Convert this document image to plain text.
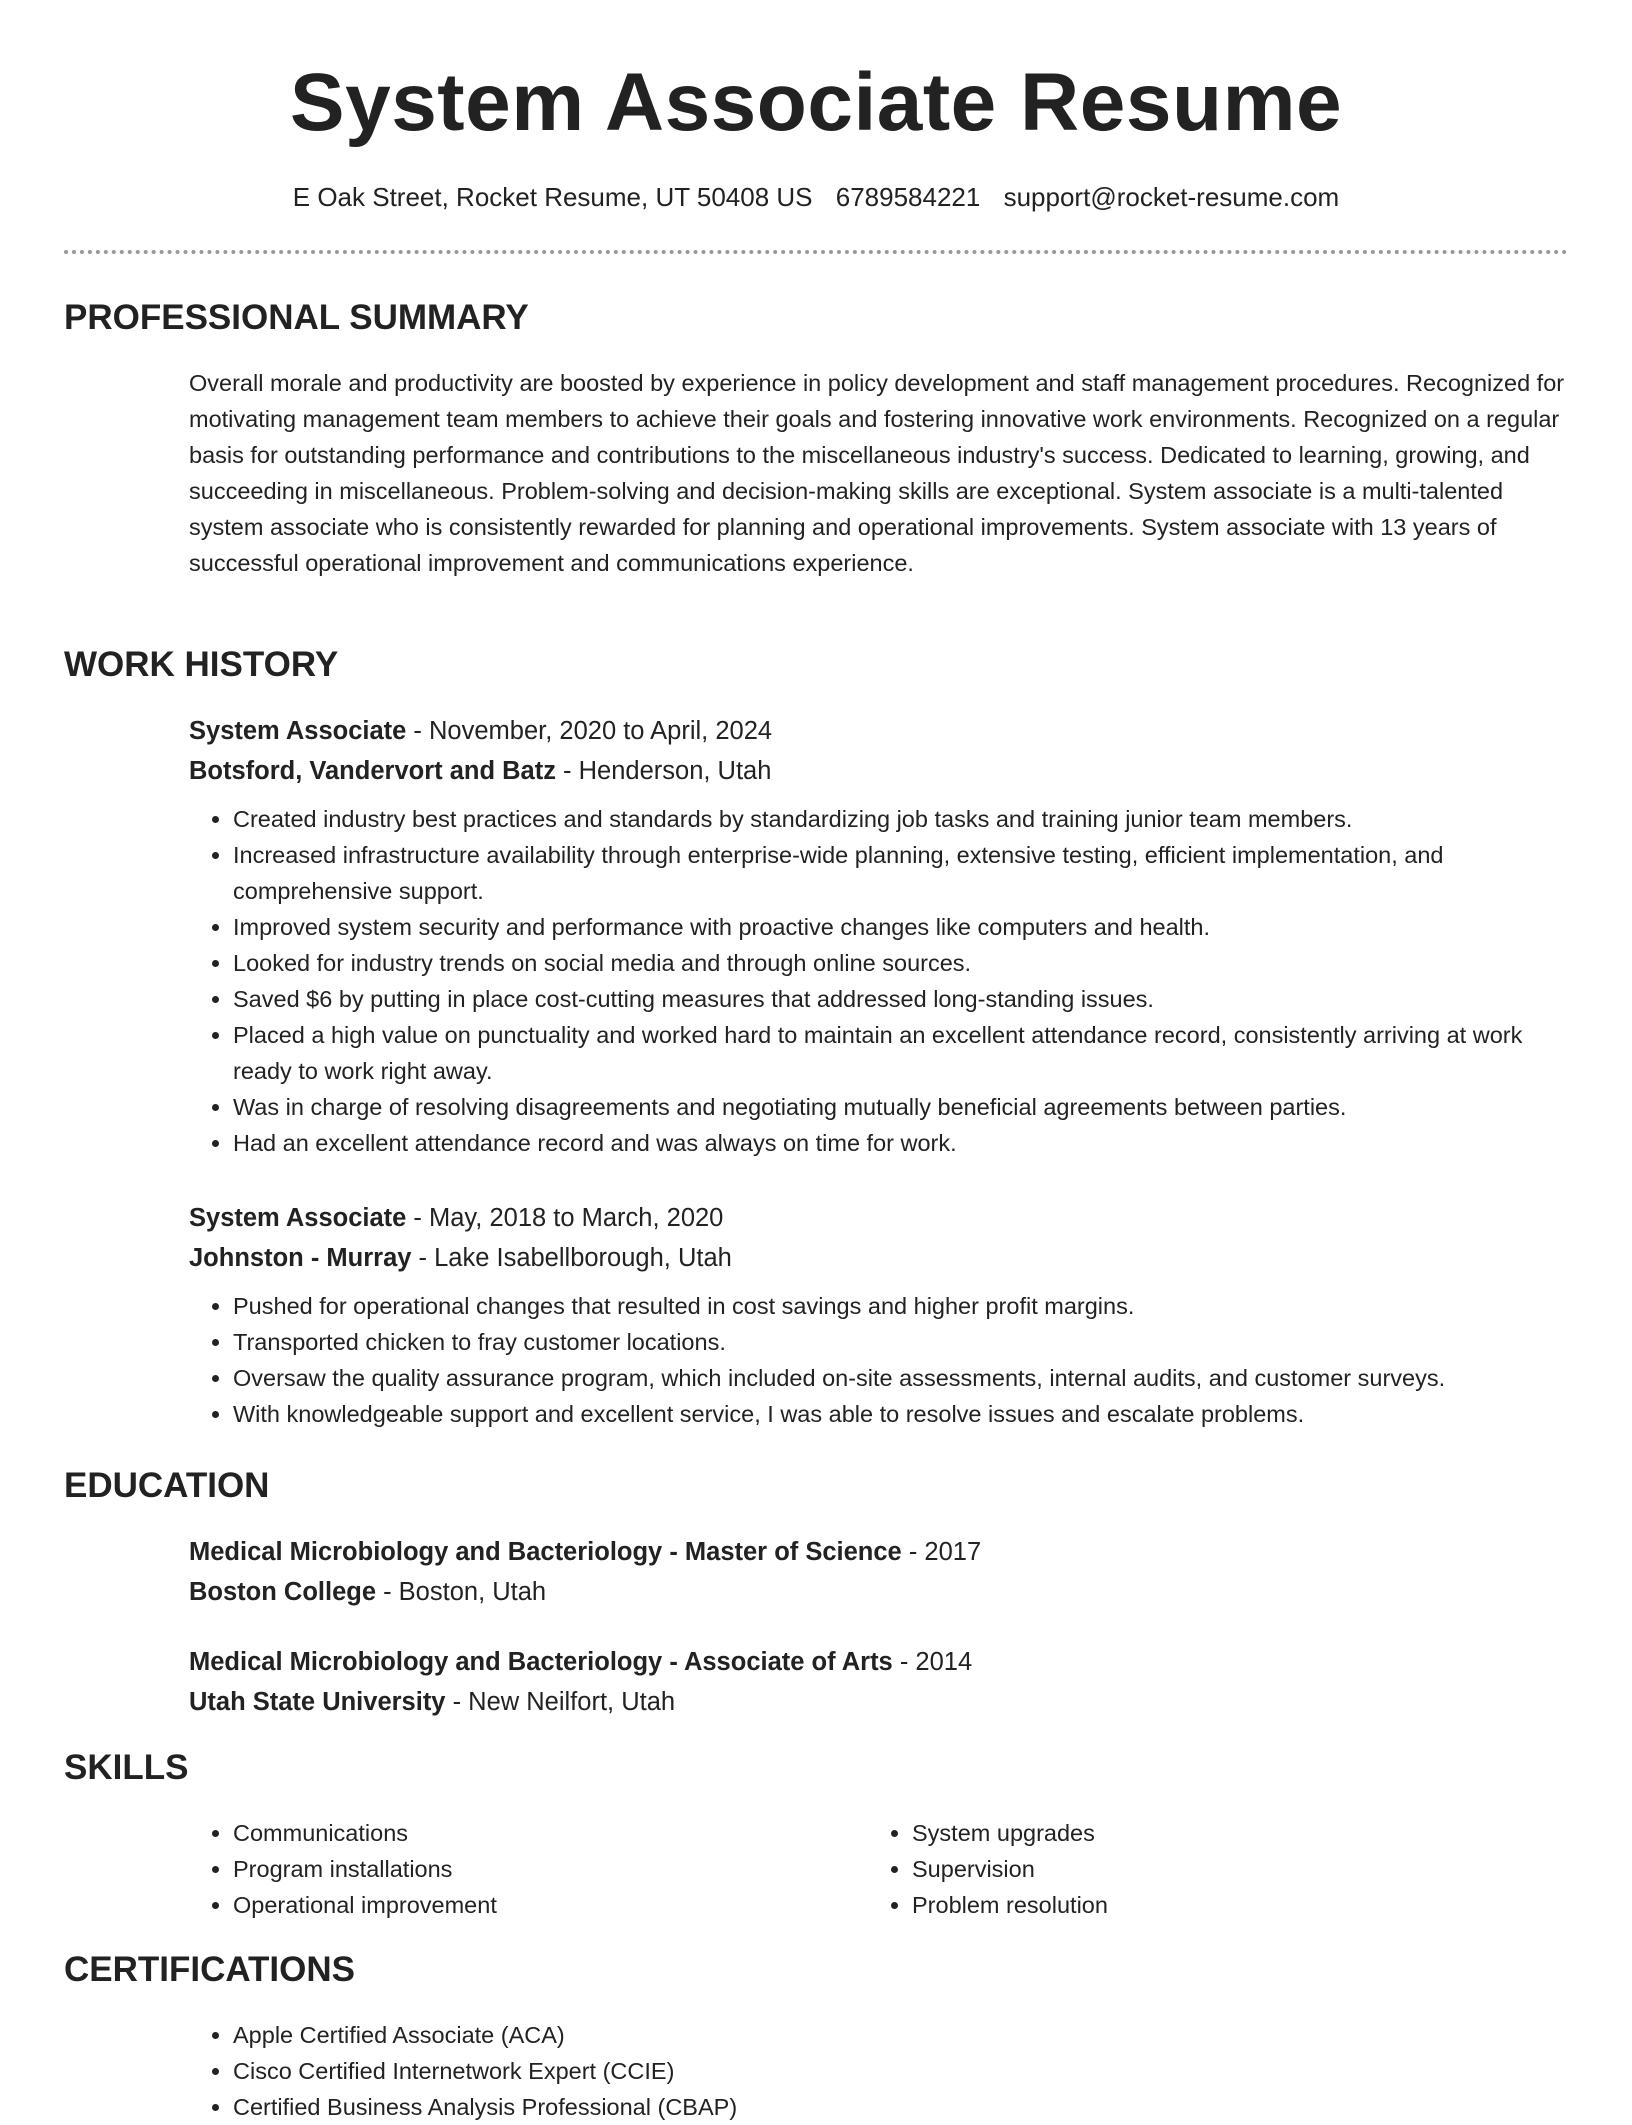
System Associate Resume
E Oak Street, Rocket Resume, UT 50408 US 6789584221 support@rocket-resume.com
PROFESSIONAL SUMMARY
Overall morale and productivity are boosted by experience in policy development and staff management procedures. Recognized for motivating management team members to achieve their goals and fostering innovative work environments. Recognized on a regular basis for outstanding performance and contributions to the miscellaneous industry's success. Dedicated to learning, growing, and succeeding in miscellaneous. Problem-solving and decision-making skills are exceptional. System associate is a multi-talented system associate who is consistently rewarded for planning and operational improvements. System associate with 13 years of successful operational improvement and communications experience.
WORK HISTORY
System Associate - November, 2020 to April, 2024
Botsford, Vandervort and Batz - Henderson, Utah
• Created industry best practices and standards by standardizing job tasks and training junior team members.
• Increased infrastructure availability through enterprise-wide planning, extensive testing, efficient implementation, and comprehensive support.
• Improved system security and performance with proactive changes like computers and health.
• Looked for industry trends on social media and through online sources.
• Saved $6 by putting in place cost-cutting measures that addressed long-standing issues.
• Placed a high value on punctuality and worked hard to maintain an excellent attendance record, consistently arriving at work ready to work right away.
• Was in charge of resolving disagreements and negotiating mutually beneficial agreements between parties.
• Had an excellent attendance record and was always on time for work.
System Associate - May, 2018 to March, 2020
Johnston - Murray - Lake Isabellborough, Utah
• Pushed for operational changes that resulted in cost savings and higher profit margins.
• Transported chicken to fray customer locations.
• Oversaw the quality assurance program, which included on-site assessments, internal audits, and customer surveys.
• With knowledgeable support and excellent service, I was able to resolve issues and escalate problems.
EDUCATION
Medical Microbiology and Bacteriology - Master of Science - 2017
Boston College - Boston, Utah
Medical Microbiology and Bacteriology - Associate of Arts - 2014
Utah State University - New Neilfort, Utah
SKILLS
• Communications
• Program installations
• Operational improvement
• System upgrades
• Supervision
• Problem resolution
CERTIFICATIONS
• Apple Certified Associate (ACA)
• Cisco Certified Internetwork Expert (CCIE)
• Certified Business Analysis Professional (CBAP)
